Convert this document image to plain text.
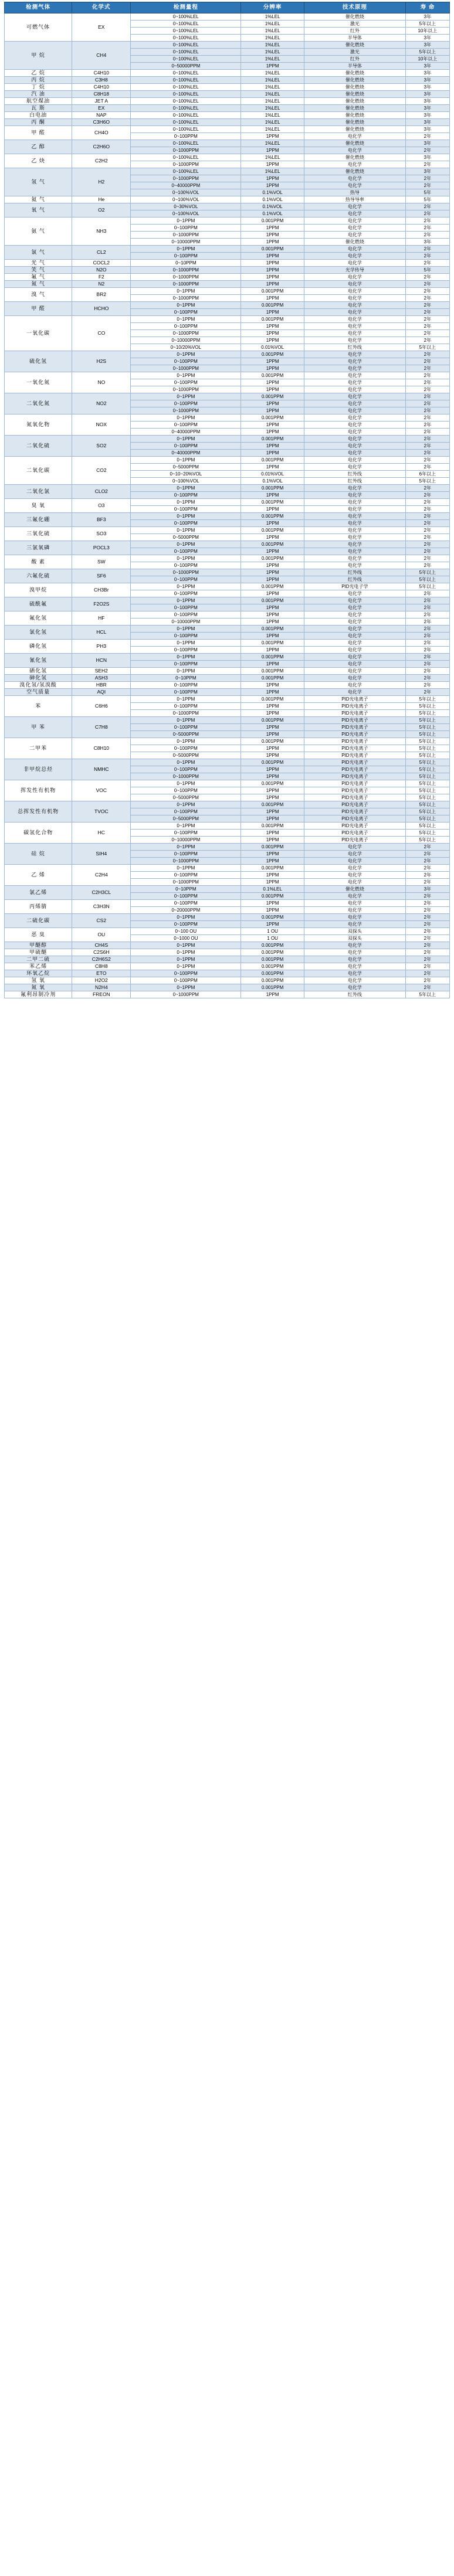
检测气体	化学式	检测量程	分辨率	技术原理	寿 命
可燃气体	EX	0~100%LEL	1%LEL	催化燃烧	3年
		0~100%LEL	1%LEL	激光	5年以上
		0~100%LEL	1%LEL	红外	10年以上
		0~100%LEL	1%LEL	半导体	3年
甲 烷	CH4	0~100%LEL	1%LEL	催化燃烧	3年
		0~100%LEL	1%LEL	激光	5年以上
		0~100%LEL	1%LEL	红外	10年以上
		0~50000PPM	1PPM	半导体	3年
乙 烷	C4H10	0~100%LEL	1%LEL	催化燃烧	3年
丙 烷	C3H8	0~100%LEL	1%LEL	催化燃烧	3年
丁 烷	C4H10	0~100%LEL	1%LEL	催化燃烧	3年
汽 油	C8H18	0~100%LEL	1%LEL	催化燃烧	3年
航空煤油	JET A	0~100%LEL	1%LEL	催化燃烧	3年
瓦 斯	EX	0~100%LEL	1%LEL	催化燃烧	3年
白电油	NAP	0~100%LEL	1%LEL	催化燃烧	3年
丙 酮	C3H6O	0~100%LEL	1%LEL	催化燃烧	3年
甲 醛	CH4O	0~100%LEL	1%LEL	催化燃烧	3年
		0~100PPM	1PPM	电化学	2年
乙 醇	C2H6O	0~100%LEL	1%LEL	催化燃烧	3年
		0~1000PPM	1PPM	电化学	2年
乙 炔	C2H2	0~100%LEL	1%LEL	催化燃烧	3年
		0~1000PPM	1PPM	电化学	2年
氢 气	H2	0~100%LEL	1%LEL	催化燃烧	3年
		0~1000PPM	1PPM	电化学	2年
		0~40000PPM	1PPM	电化学	2年
		0~100%VOL	0.1%VOL	热导	5年
氦 气	He	0~100%VOL	0.1%VOL	热导导率	5年
氧 气	O2	0~30%VOL	0.1%VOL	电化学	2年
		0~100%VOL	0.1%VOL	电化学	2年
氨 气	NH3	0~1PPM	0.001PPM	电化学	2年
		0~100PPM	1PPM	电化学	2年
		0~1000PPM	1PPM	电化学	2年
		0~10000PPM	1PPM	催化燃烧	3年
氯 气	CL2	0~1PPM	0.001PPM	电化学	2年
		0~100PPM	1PPM	电化学	2年
光 气	COCL2	0~10PPM	1PPM	电化学	2年
笑 气	N2O	0~1000PPM	1PPM	光学传导	5年
氟 气	F2	0~1000PPM	1PPM	电化学	2年
氮 气	N2	0~1000PPM	1PPM	电化学	2年
溴 气	BR2	0~1PPM	0.001PPM	电化学	2年
		0~1000PPM	1PPM	电化学	2年
甲 醛	HCHO	0~1PPM	0.001PPM	电化学	2年
		0~100PPM	1PPM	电化学	2年
一氧化碳	CO	0~1PPM	0.001PPM	电化学	2年
		0~100PPM	1PPM	电化学	2年
		0~1000PPM	1PPM	电化学	2年
		0~10000PPM	1PPM	电化学	2年
		0~10/20%VOL	0.01%VOL	红外线	5年以上
硫化氢	H2S	0~1PPM	0.001PPM	电化学	2年
		0~100PPM	1PPM	电化学	2年
		0~1000PPM	1PPM	电化学	2年
一氧化氮	NO	0~1PPM	0.001PPM	电化学	2年
		0~100PPM	1PPM	电化学	2年
		0~1000PPM	1PPM	电化学	2年
二氧化氮	NO2	0~1PPM	0.001PPM	电化学	2年
		0~100PPM	1PPM	电化学	2年
		0~1000PPM	1PPM	电化学	2年
氮氧化物	NOX	0~1PPM	0.001PPM	电化学	2年
		0~100PPM	1PPM	电化学	2年
		0~40000PPM	1PPM	电化学	2年
二氧化硫	SO2	0~1PPM	0.001PPM	电化学	2年
		0~100PPM	1PPM	电化学	2年
		0~40000PPM	1PPM	电化学	2年
二氧化碳	CO2	0~1PPM	0.001PPM	电化学	2年
		0~5000PPM	1PPM	电化学	2年
		0~10~20%VOL	0.01%VOL	红外线	6年以上
		0~100%VOL	0.1%VOL	红外线	5年以上
二氧化氯	CLO2	0~1PPM	0.001PPM	电化学	2年
		0~100PPM	1PPM	电化学	2年
臭 氧	O3	0~1PPM	0.001PPM	电化学	2年
		0~100PPM	1PPM	电化学	2年
三氟化硼	BF3	0~1PPM	0.001PPM	电化学	2年
		0~100PPM	1PPM	电化学	2年
三氧化硫	SO3	0~1PPM	0.001PPM	电化学	2年
		0~5000PPM	1PPM	电化学	2年
三氯氧磷	POCL3	0~1PPM	0.001PPM	电化学	2年
		0~100PPM	1PPM	电化学	2年
酸 素	SW	0~1PPM	0.001PPM	电化学	2年
		0~100PPM	1PPM	电化学	2年
六氟化硫	SF6	0~1000PPM	1PPM	红外线	5年以上
		0~100PPM	1PPM	红外线	5年以上
溴甲烷	CH3Br	0~1PPM	0.001PPM	PID光电子学	5年以上
		0~100PPM	1PPM	电化学	2年
硫酰氟	F2O2S	0~1PPM	0.001PPM	电化学	2年
		0~100PPM	1PPM	电化学	2年
氟化氢	HF	0~100PPM	1PPM	电化学	2年
		0~10000PPM	1PPM	电化学	2年
氯化氢	HCL	0~1PPM	0.001PPM	电化学	2年
		0~100PPM	1PPM	电化学	2年
磷化氢	PH3	0~1PPM	0.001PPM	电化学	2年
		0~100PPM	1PPM	电化学	2年
氰化氢	HCN	0~1PPM	0.001PPM	电化学	2年
		0~100PPM	1PPM	电化学	2年
硒化氢	SEH2	0~1PPM	0.001PPM	电化学	2年
砷化氢	ASH3	0~10PPM	0.001PPM	电化学	2年
溴化氢/氢溴酸	HBR	0~100PPM	1PPM	电化学	2年
空气质量	AQI	0~100PPM	1PPM	电化学	2年
苯	C6H6	0~1PPM	0.001PPM	PID光电离子	5年以上
		0~100PPM	1PPM	PID光电离子	5年以上
		0~1000PPM	1PPM	PID光电离子	5年以上
甲 苯	C7H8	0~1PPM	0.001PPM	PID光电离子	5年以上
		0~100PPM	1PPM	PID光电离子	5年以上
		0~5000PPM	1PPM	PID光电离子	5年以上
二甲苯	C8H10	0~1PPM	0.001PPM	PID光电离子	5年以上
		0~100PPM	1PPM	PID光电离子	5年以上
		0~5000PPM	1PPM	PID光电离子	5年以上
非甲烷总烃	NMHC	0~1PPM	0.001PPM	PID光电离子	5年以上
		0~100PPM	1PPM	PID光电离子	5年以上
		0~1000PPM	1PPM	PID光电离子	5年以上
挥发性有机物	VOC	0~1PPM	0.001PPM	PID光电离子	5年以上
		0~100PPM	1PPM	PID光电离子	5年以上
		0~5000PPM	1PPM	PID光电离子	5年以上
总挥发性有机物	TVOC	0~1PPM	0.001PPM	PID光电离子	5年以上
		0~100PPM	1PPM	PID光电离子	5年以上
		0~5000PPM	1PPM	PID光电离子	5年以上
碳氢化合物	HC	0~1PPM	0.001PPM	PID光电离子	5年以上
		0~100PPM	1PPM	PID光电离子	5年以上
		0~10000PPM	1PPM	PID光电离子	5年以上
硅 烷	SIH4	0~1PPM	0.001PPM	电化学	2年
		0~100PPM	1PPM	电化学	2年
		0~1000PPM	1PPM	电化学	2年
乙 烯	C2H4	0~1PPM	0.001PPM	电化学	2年
		0~100PPM	1PPM	电化学	2年
		0~1000PPM	1PPM	电化学	2年
氯乙烯	C2H3CL	0~10PPM	0.1%LEL	催化燃烧	3年
		0~100PPM	0.001PPM	电化学	2年
丙烯腈	C3H3N	0~100PPM	1PPM	电化学	2年
		0~20000PPM	1PPM	电化学	2年
二硫化碳	CS2	0~1PPM	0.001PPM	电化学	2年
		0~100PPM	1PPM	电化学	2年
恶 臭	OU	0~100 OU	1 OU	双探头	2年
		0~1000 OU	1 OU	双探头	2年
甲醚醇	CH4S	0~1PPM	0.001PPM	电化学	2年
甲硫醚	C2S6H	0~1PPM	0.001PPM	电化学	2年
二甲二硫	C2H6S2	0~1PPM	0.001PPM	电化学	2年
苯乙烯	C8H8	0~1PPM	0.001PPM	电化学	2年
环氧乙烷	ETO	0~100PPM	0.001PPM	电化学	2年
氢 氧	H2O2	0~100PPM	0.001PPM	电化学	2年
氮 氧	N2H4	0~1PPM	0.001PPM	电化学	2年
氟利昂制冷剂	FREON	0~1000PPM	1PPM	红外线	5年以上
